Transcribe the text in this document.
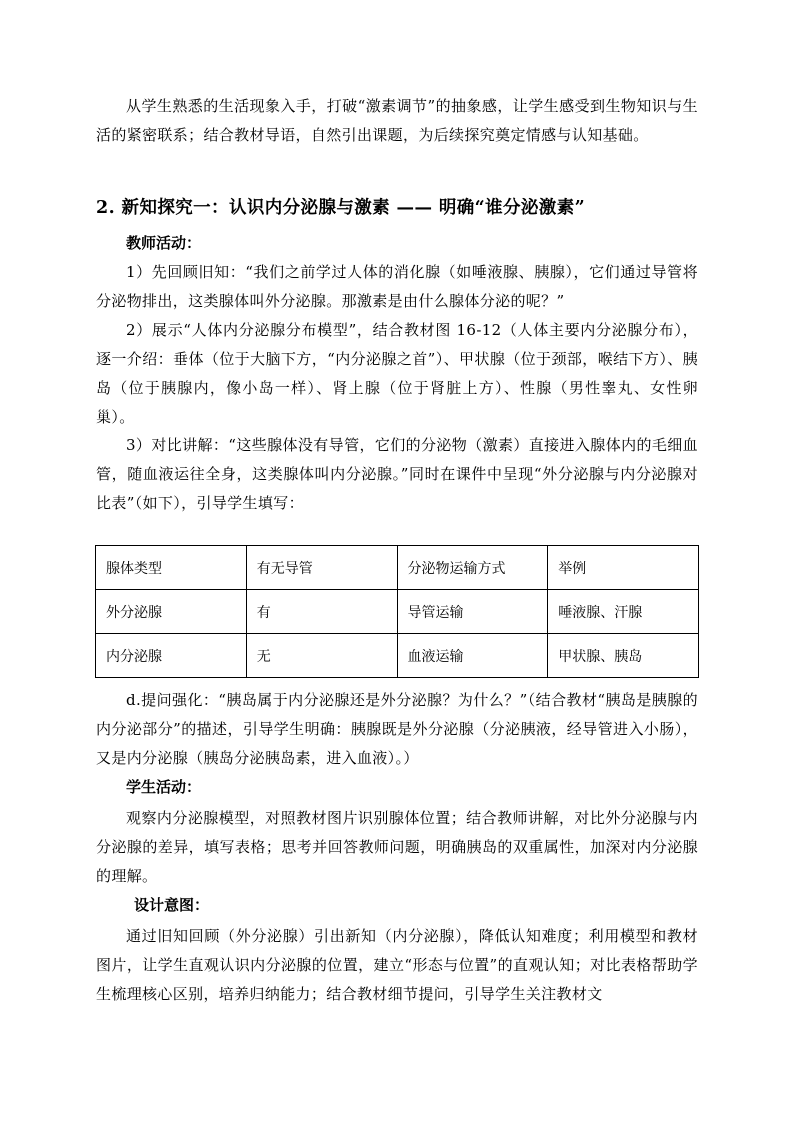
从学生熟悉的生活现象入手，打破“激素调节”的抽象感，让学生感受到生物知识与生活的紧密联系；结合教材导语，自然引出课题，为后续探究奠定情感与认知基础。

2. 新知探究一：认识内分泌腺与激素 —— 明确“谁分泌激素”

教师活动：

1）先回顾旧知：“我们之前学过人体的消化腺（如唾液腺、胰腺），它们通过导管将分泌物排出，这类腺体叫外分泌腺。那激素是由什么腺体分泌的呢？”

2）展示“人体内分泌腺分布模型”，结合教材图 16-12（人体主要内分泌腺分布），逐一介绍：垂体（位于大脑下方，“内分泌腺之首”）、甲状腺（位于颈部，喉结下方）、胰岛（位于胰腺内，像小岛一样）、肾上腺（位于肾脏上方）、性腺（男性睾丸、女性卵巢）。

3）对比讲解：“这些腺体没有导管，它们的分泌物（激素）直接进入腺体内的毛细血管，随血液运往全身，这类腺体叫内分泌腺。”同时在课件中呈现“外分泌腺与内分泌腺对比表”（如下），引导学生填写：

腺体类型	有无导管	分泌物运输方式	举例
外分泌腺	有	导管运输	唾液腺、汗腺
内分泌腺	无	血液运输	甲状腺、胰岛

d.提问强化：“胰岛属于内分泌腺还是外分泌腺？为什么？”（结合教材“胰岛是胰腺的内分泌部分”的描述，引导学生明确：胰腺既是外分泌腺（分泌胰液，经导管进入小肠），又是内分泌腺（胰岛分泌胰岛素，进入血液）。）

学生活动：

观察内分泌腺模型，对照教材图片识别腺体位置；结合教师讲解，对比外分泌腺与内分泌腺的差异，填写表格；思考并回答教师问题，明确胰岛的双重属性，加深对内分泌腺的理解。

设计意图：

通过旧知回顾（外分泌腺）引出新知（内分泌腺），降低认知难度；利用模型和教材图片，让学生直观认识内分泌腺的位置，建立“形态与位置”的直观认知；对比表格帮助学生梳理核心区别，培养归纳能力；结合教材细节提问，引导学生关注教材文
